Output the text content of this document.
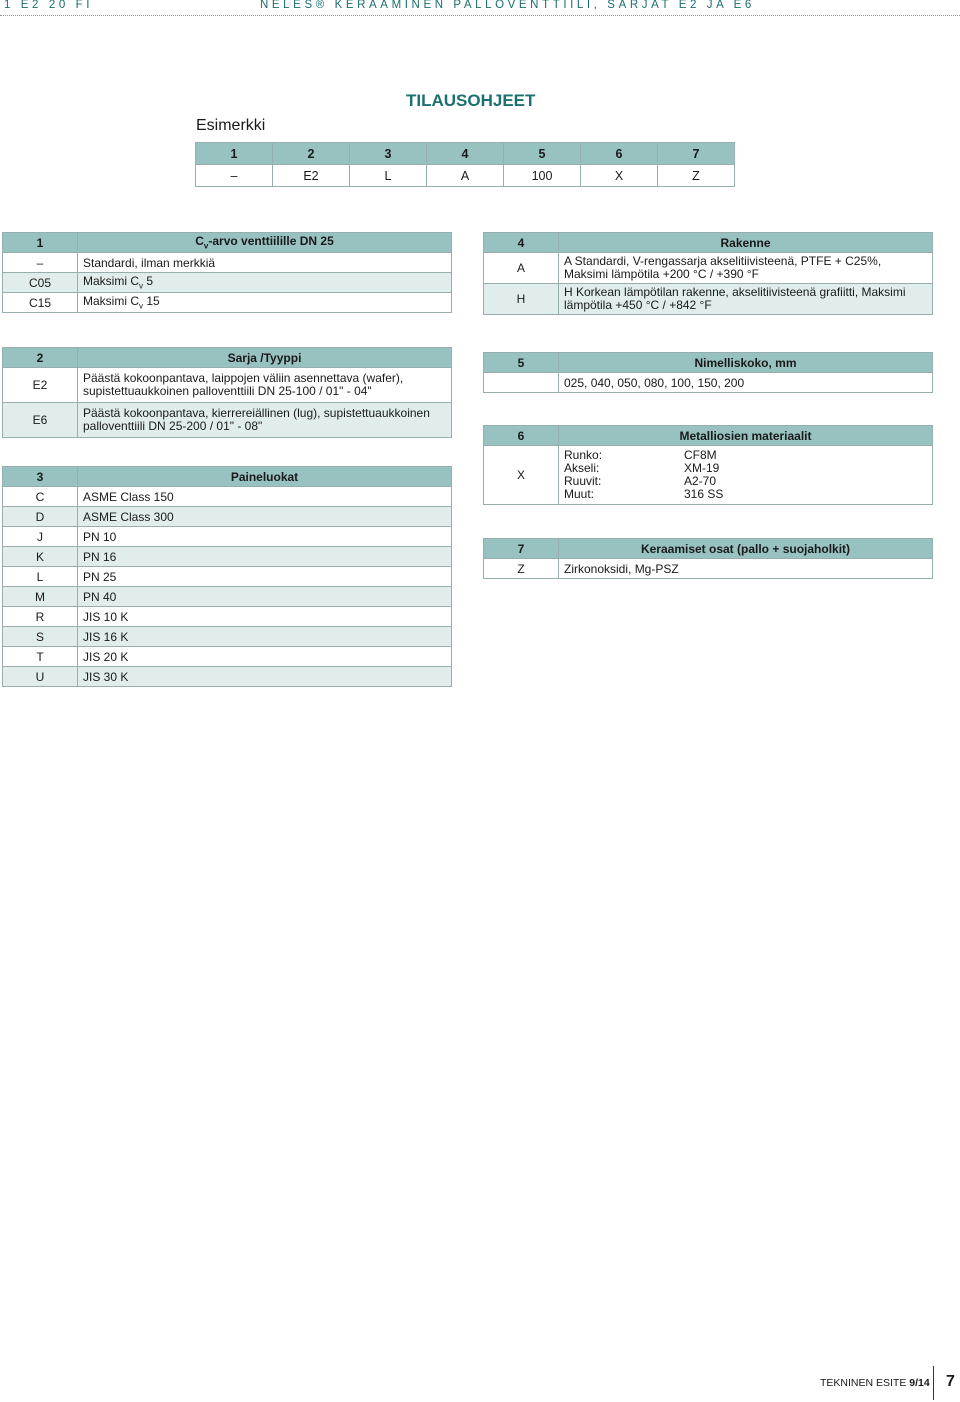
1 E2 20 FI	NELES® KERAAMINEN PALLOVENTTIILI, SARJAT E2 JA E6
TILAUSOHJEET
Esimerkki
1	2	3	4	5	6	7
–	E2	L	A	100	X	Z
1	$C_v$-arvo venttiilille DN 25
–	Standardi, ilman merkkiä
C05	Maksimi $C_v$ 5
C15	Maksimi $C_v$ 15
4	Rakenne
A	A Standardi, V-rengassarja akselitiivisteenä, PTFE + C25%, Maksimi lämpötila +200 °C / +390 °F
H	H Korkean lämpötilan rakenne, akselitiivisteenä grafiitti, Maksimi lämpötila +450 °C / +842 °F
2	Sarja /Tyyppi
E2	Päästä kokoonpantava, laippojen väliin asennettava (wafer), supistettuaukkoinen palloventtiili DN 25-100 / 01" - 04"
E6	Päästä kokoonpantava, kierrereiällinen (lug), supistettuaukkoinen palloventtiili DN 25-200 / 01" - 08"
3	Paineluokat
C	ASME Class 150
D	ASME Class 300
J	PN 10
K	PN 16
L	PN 25
M	PN 40
R	JIS 10 K
S	JIS 16 K
T	JIS 20 K
U	JIS 30 K
5	Nimelliskoko, mm
	025, 040, 050, 080, 100, 150, 200
6	Metalliosien materiaalit
X	Runko: CF8M
Akseli: XM-19
Ruuvit: A2-70
Muut: 316 SS
7	Keraamiset osat (pallo + suojaholkit)
Z	Zirkonoksidi, Mg-PSZ
TEKNINEN ESITE 9/14 7
